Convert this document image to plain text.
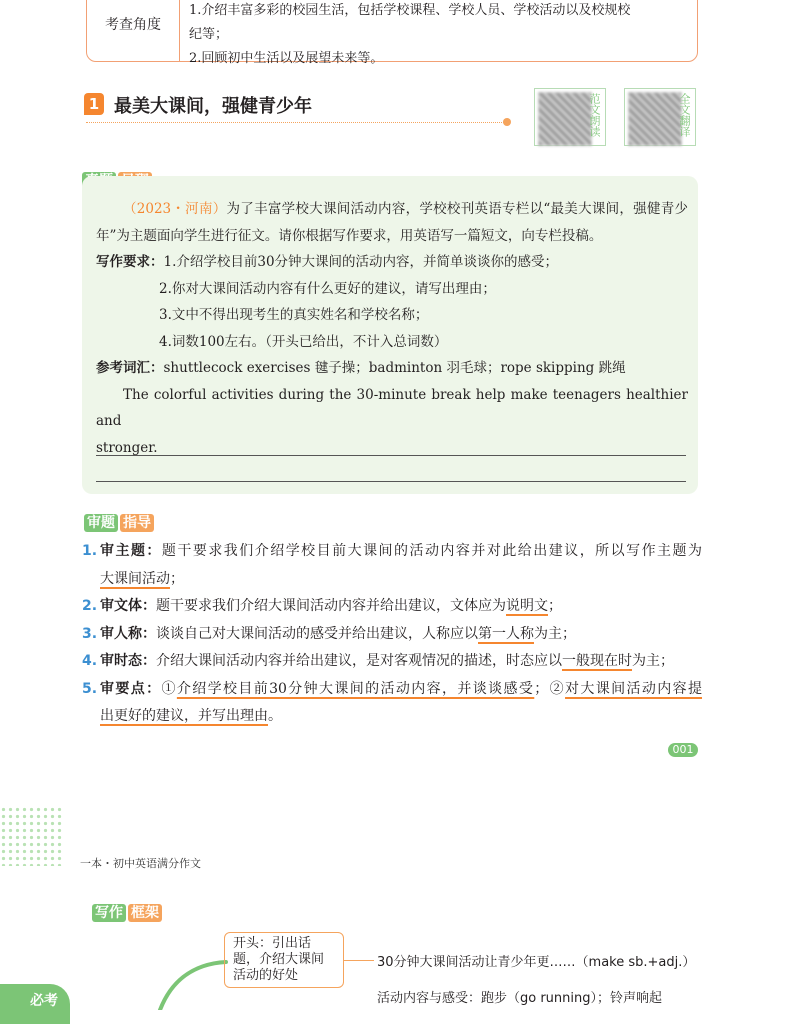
考查角度
1.介绍丰富多彩的校园生活，包括学校课程、学校人员、学校活动以及校规校
纪等；
2.回顾初中生活以及展望未来等。
1 最美大课间，强健青少年	范文朗读	全文翻译

（2023・河南）为了丰富学校大课间活动内容，学校校刊英语专栏以“最美大课间，强健青少

年”为主题面向学生进行征文。请你根据写作要求，用英语写一篇短文，向专栏投稿。

写作要求：1.介绍学校目前30分钟大课间的活动内容，并简单谈谈你的感受；

2.你对大课间活动内容有什么更好的建议，请写出理由；

3.文中不得出现考生的真实姓名和学校名称；

4.词数100左右。（开头已给出，不计入总词数）

参考词汇：shuttlecock exercises 毽子操；badminton 羽毛球；rope skipping 跳绳

The colorful activities during the 30-minute break help make teenagers healthier and

stronger.

审题 指导
1. 审主题：题干要求我们介绍学校目前大课间的活动内容并对此给出建议，所以写作主题为
大课间活动；
2. 审文体：题干要求我们介绍大课间活动内容并给出建议，文体应为说明文；
3. 审人称：谈谈自己对大课间活动的感受并给出建议，人称应以第一人称为主；
4. 审时态：介绍大课间活动内容并给出建议，是对客观情况的描述，时态应以一般现在时为主；
5. 审要点：①介绍学校目前30分钟大课间的活动内容，并谈谈感受；②对大课间活动内容提
出更好的建议，并写出理由。
001
一本・初中英语满分作文
写作 框架
开头：引出话题，介绍大课间活动的好处
30分钟大课间活动让青少年更……（make sb.+adj.）
活动内容与感受：跑步（go running）；铃声响起
必考
